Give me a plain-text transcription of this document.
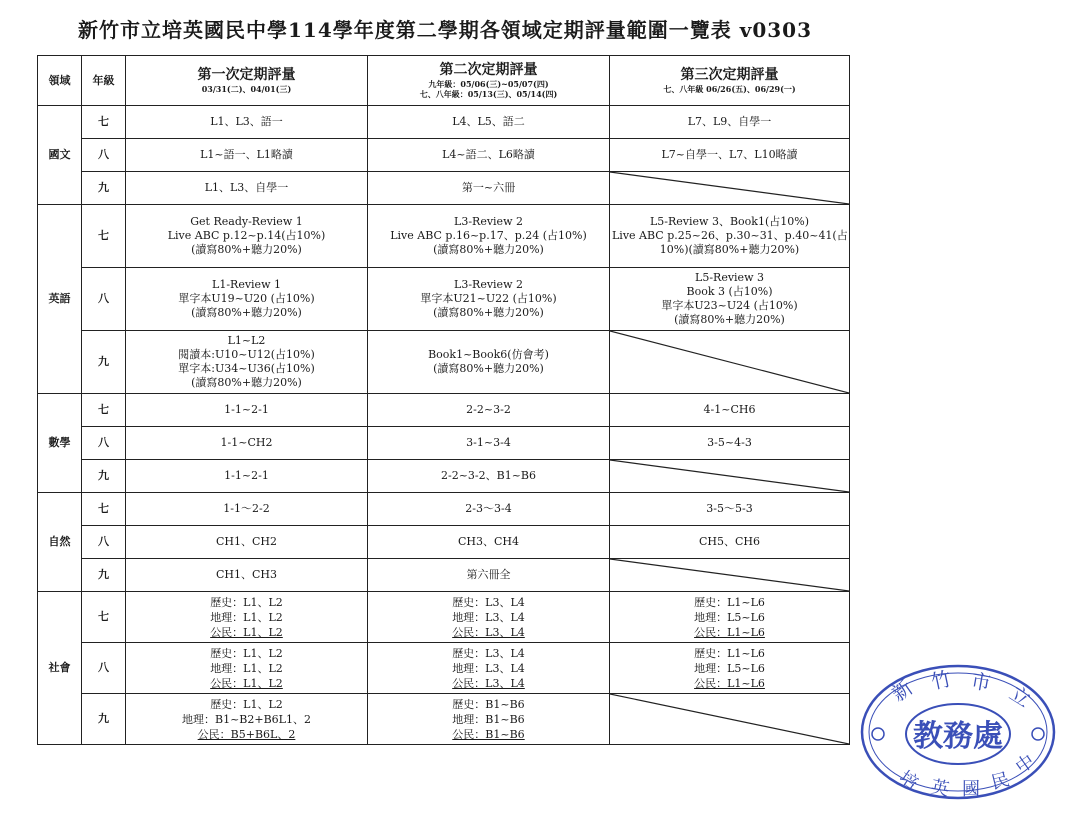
新竹市立培英國民中學114學年度第二學期各領域定期評量範圍一覽表 v0303
領域	年級	第一次定期評量
03/31(二)、04/01(三)	第二次定期評量
九年級：05/06(三)~05/07(四)
七、八年級：05/13(三)、05/14(四)	第三次定期評量
七、八年級 06/26(五)、06/29(一)

國文	七	L1、L3、語一	L4、L5、語二	L7、L9、自學一

	八	L1~語一、L1略讀	L4~語二、L6略讀	L7~自學一、L7、L10略讀

	九	L1、L3、自學一	第一~六冊

英語	七	Get Ready-Review 1
Live ABC p.12~p.14(占10%)
(讀寫80%+聽力20%)	L3-Review 2
Live ABC p.16~p.17、p.24 (占10%)
(讀寫80%+聽力20%)	L5-Review 3、Book1(占10%)
Live ABC p.25~26、p.30~31、p.40~41(占
10%)(讀寫80%+聽力20%)

	八	L1-Review 1
單字本U19~U20 (占10%)
(讀寫80%+聽力20%)	L3-Review 2
單字本U21~U22 (占10%)
(讀寫80%+聽力20%)	L5-Review 3
Book 3 (占10%)
單字本U23~U24 (占10%)
(讀寫80%+聽力20%)

	九	L1~L2
閱讀本:U10~U12(占10%)
單字本:U34~U36(占10%)
(讀寫80%+聽力20%)	Book1~Book6(仿會考)
(讀寫80%+聽力20%)

數學	七	1-1~2-1	2-2~3-2	4-1~CH6

	八	1-1~CH2	3-1~3-4	3-5~4-3

	九	1-1~2-1	2-2~3-2、B1~B6

自然	七	1-1～2-2	2-3～3-4	3-5～5-3

	八	CH1、CH2	CH3、CH4	CH5、CH6

	九	CH1、CH3	第六冊全

社會	七	歷史：L1、L2
地理：L1、L2
公民：L1、L2	歷史：L3、L4
地理：L3、L4
公民：L3、L4	歷史：L1~L6
地理：L5~L6
公民：L1~L6

	八	歷史：L1、L2
地理：L1、L2
公民：L1、L2	歷史：L3、L4
地理：L3、L4
公民：L3、L4	歷史：L1~L6
地理：L5~L6
公民：L1~L6

	九	歷史：L1、L2
地理：B1~B2+B6L1、2
公民：B5+B6L、2	歷史：B1~B6
地理：B1~B6
公民：B1~B6
		教務處
新 竹 市 立
培 英 國 民
中
